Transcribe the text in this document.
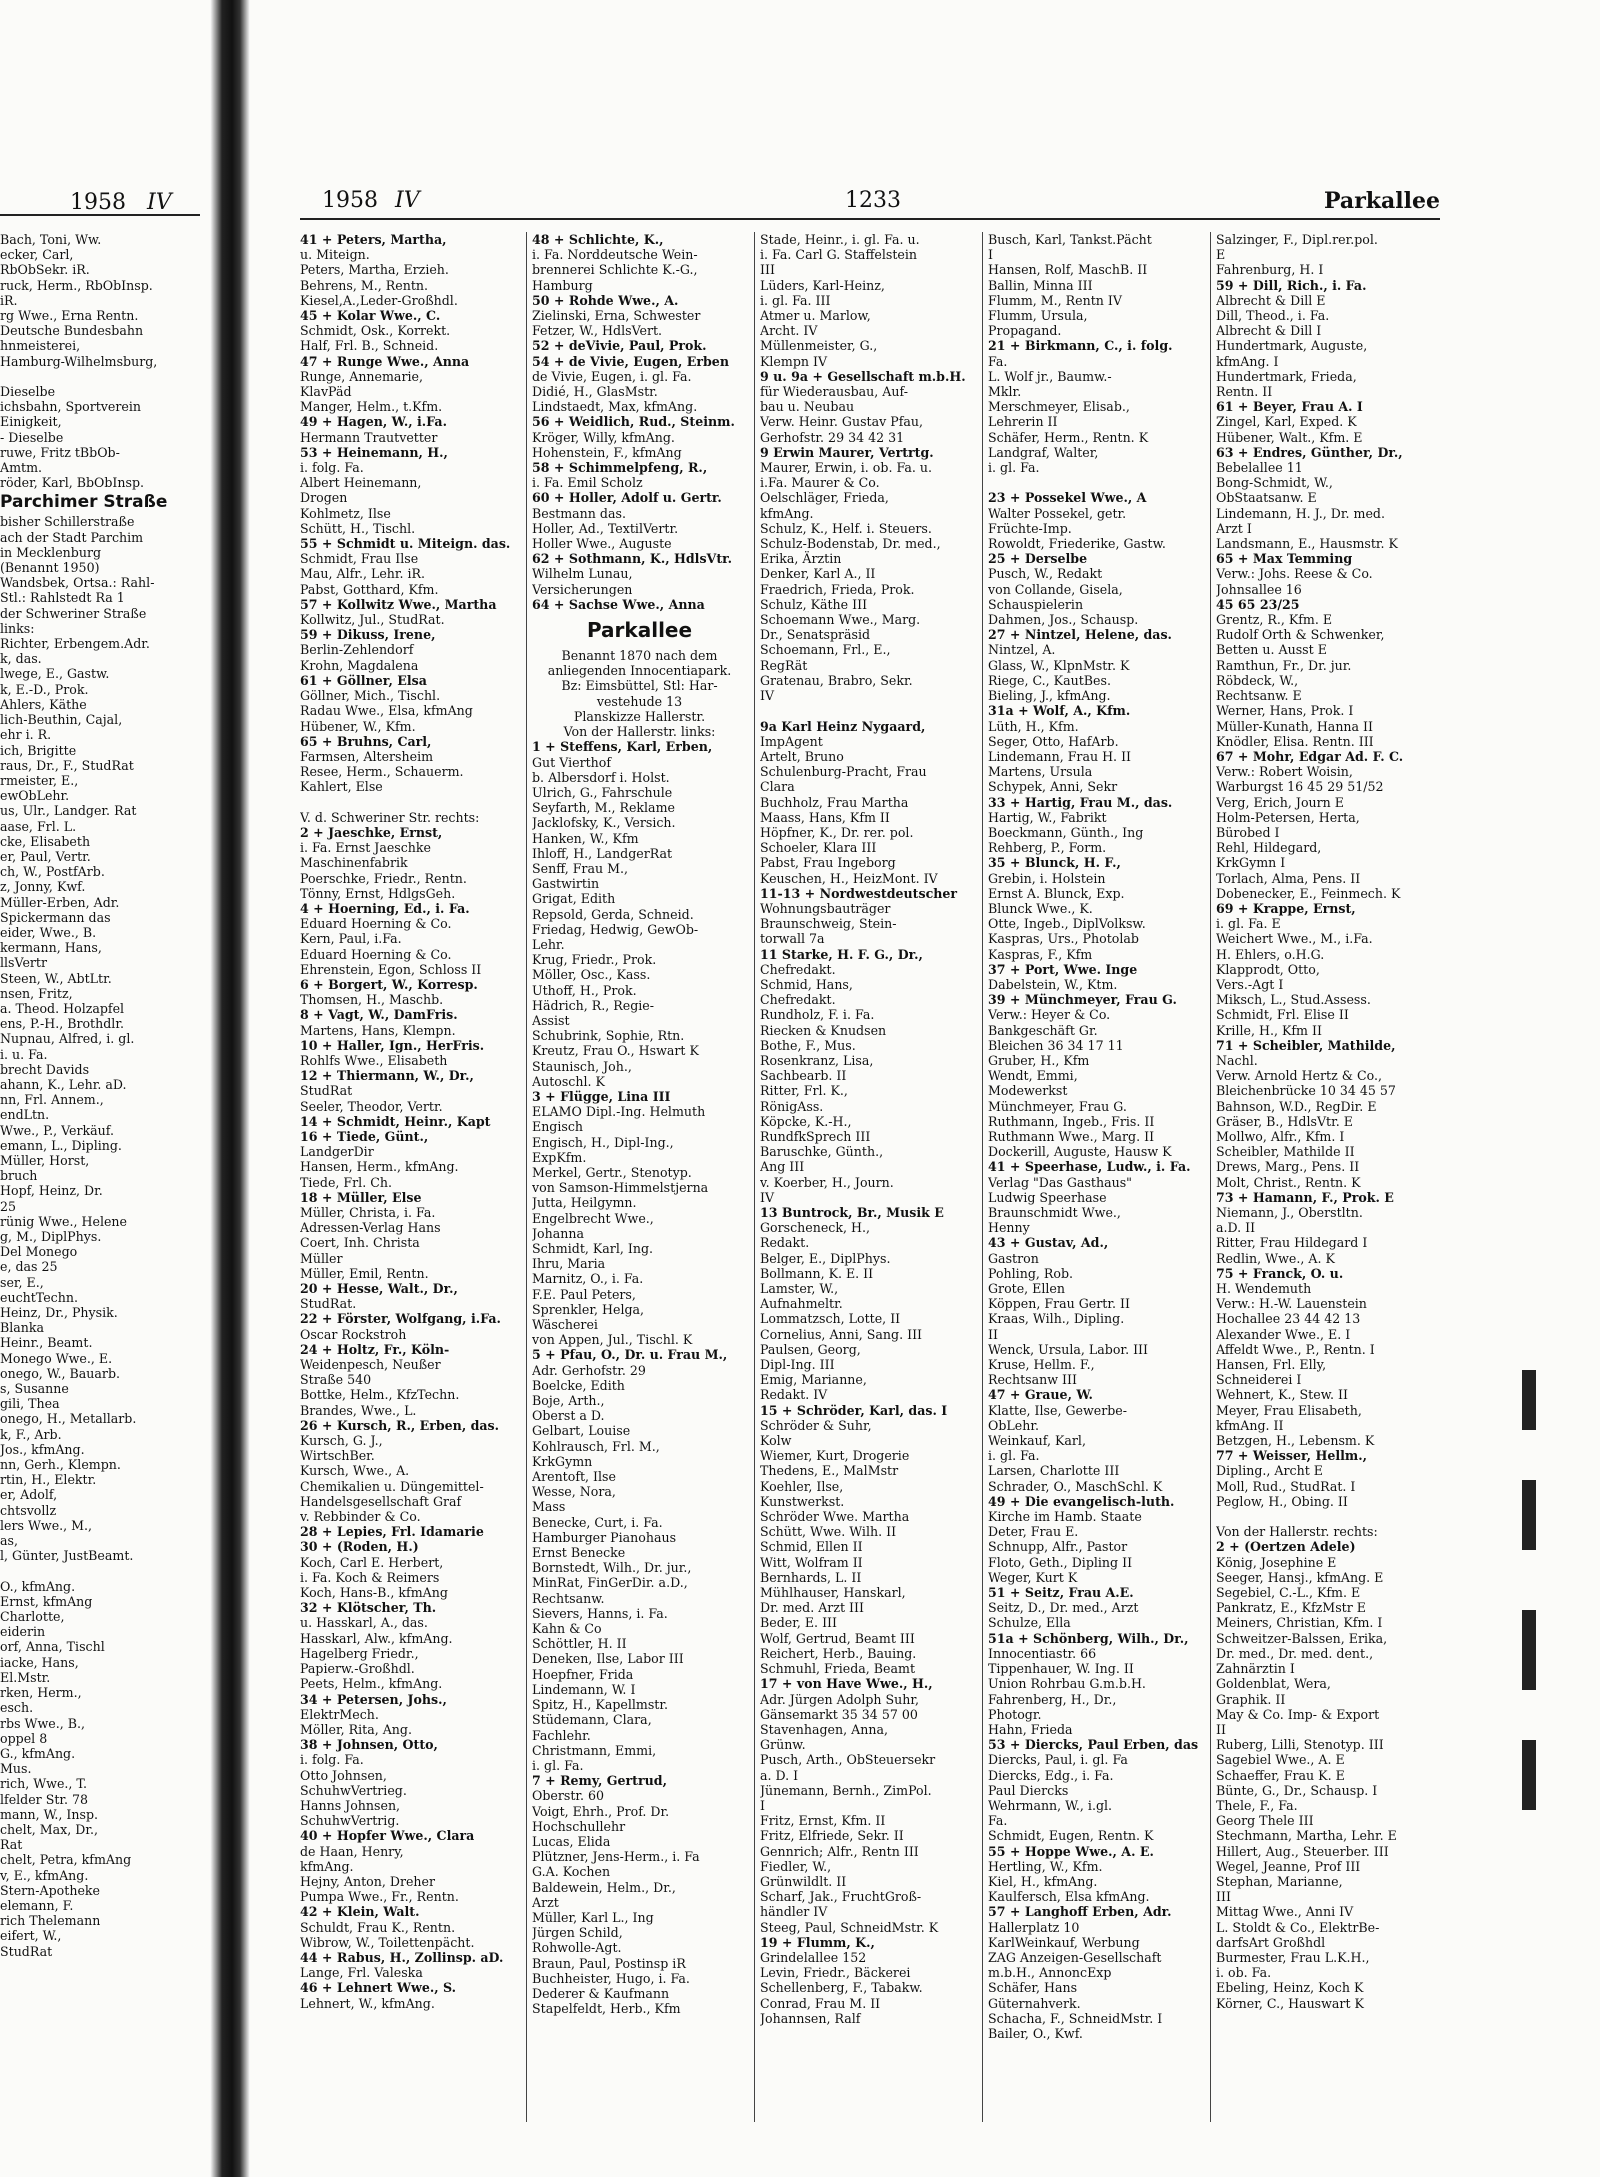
1958 IV
Bach, Toni, Ww.
ecker, Carl,
RbObSekr. iR.
ruck, Herm., RbObInsp.
iR.
rg Wwe., Erna Rentn.
Deutsche Bundesbahn
hnmeisterei,
Hamburg-Wilhelmsburg,

Dieselbe
ichsbahn, Sportverein
Einigkeit,
- Dieselbe
ruwe, Fritz tBbOb-
Amtm.
röder, Karl, BbObInsp.
Parchimer Straße
bisher Schillerstraße
ach der Stadt Parchim
in Mecklenburg
(Benannt 1950)
Wandsbek, Ortsa.: Rahl-
Stl.: Rahlstedt Ra 1
der Schweriner Straße
links:
Richter, Erbengem.Adr.
k, das.
lwege, E., Gastw.
k, E.-D., Prok.
Ahlers, Käthe
lich-Beuthin, Cajal,
ehr i. R.
ich, Brigitte
raus, Dr., F., StudRat
rmeister, E.,
ewObLehr.
us, Ulr., Landger. Rat
aase, Frl. L.
cke, Elisabeth
er, Paul, Vertr.
ch, W., PostfArb.
z, Jonny, Kwf.
Müller-Erben, Adr.
Spickermann das
eider, Wwe., B.
kermann, Hans,
llsVertr
Steen, W., AbtLtr.
nsen, Fritz,
a. Theod. Holzapfel
ens, P.-H., Brothdlr.
Nupnau, Alfred, i. gl.
i. u. Fa.
brecht Davids
ahann, K., Lehr. aD.
nn, Frl. Annem.,
endLtn.
Wwe., P., Verkäuf.
emann, L., Dipling.
Müller, Horst,
bruch
Hopf, Heinz, Dr.
25
rünig Wwe., Helene
g, M., DiplPhys.
Del Monego
e, das 25
ser, E.,
euchtTechn.
Heinz, Dr., Physik.
Blanka
Heinr., Beamt.
Monego Wwe., E.
onego, W., Bauarb.
s, Susanne
gili, Thea
onego, H., Metallarb.
k, F., Arb.
Jos., kfmAng.
nn, Gerh., Klempn.
rtin, H., Elektr.
er, Adolf,
chtsvollz
lers Wwe., M.,
as,
l, Günter, JustBeamt.

O., kfmAng.
Ernst, kfmAng
Charlotte,
eiderin
orf, Anna, Tischl
iacke, Hans,
El.Mstr.
rken, Herm.,
esch.
rbs Wwe., B.,
oppel 8
G., kfmAng.
Mus.
rich, Wwe., T.
lfelder Str. 78
mann, W., Insp.
chelt, Max, Dr.,
Rat
chelt, Petra, kfmAng
v, E., kfmAng.
Stern-Apotheke
elemann, F.
rich Thelemann
eifert, W.,
StudRat
1958 IV	1233	Parkallee
41 + Peters, Martha,
u. Miteign.
Peters, Martha, Erzieh.
Behrens, M., Rentn.
Kiesel,A.,Leder-Großhdl.
45 + Kolar Wwe., C.
Schmidt, Osk., Korrekt.
Half, Frl. B., Schneid.
47 + Runge Wwe., Anna
Runge, Annemarie,
KlavPäd
Manger, Helm., t.Kfm.
49 + Hagen, W., i.Fa.
Hermann Trautvetter
53 + Heinemann, H.,
i. folg. Fa.
Albert Heinemann,
Drogen
Kohlmetz, Ilse
Schütt, H., Tischl.
55 + Schmidt u. Miteign. das.
Schmidt, Frau Ilse
Mau, Alfr., Lehr. iR.
Pabst, Gotthard, Kfm.
57 + Kollwitz Wwe., Martha
Kollwitz, Jul., StudRat.
59 + Dikuss, Irene,
Berlin-Zehlendorf
Krohn, Magdalena
61 + Göllner, Elsa
Göllner, Mich., Tischl.
Radau Wwe., Elsa, kfmAng
Hübener, W., Kfm.
65 + Bruhns, Carl,
Farmsen, Altersheim
Resee, Herm., Schauerm.
Kahlert, Else

V. d. Schweriner Str. rechts:
2 + Jaeschke, Ernst,
i. Fa. Ernst Jaeschke
Maschinenfabrik
Poerschke, Friedr., Rentn.
Tönny, Ernst, HdlgsGeh.
4 + Hoerning, Ed., i. Fa.
Eduard Hoerning & Co.
Kern, Paul, i.Fa.
Eduard Hoerning & Co.
Ehrenstein, Egon, Schloss II
6 + Borgert, W., Korresp.
Thomsen, H., Maschb.
8 + Vagt, W., DamFris.
Martens, Hans, Klempn.
10 + Haller, Ign., HerFris.
Rohlfs Wwe., Elisabeth
12 + Thiermann, W., Dr.,
StudRat
Seeler, Theodor, Vertr.
14 + Schmidt, Heinr., Kapt
16 + Tiede, Günt.,
LandgerDir
Hansen, Herm., kfmAng.
Tiede, Frl. Ch.
18 + Müller, Else
Müller, Christa, i. Fa.
Adressen-Verlag Hans
Coert, Inh. Christa
Müller
Müller, Emil, Rentn.
20 + Hesse, Walt., Dr.,
StudRat.
22 + Förster, Wolfgang, i.Fa.
Oscar Rockstroh
24 + Holtz, Fr., Köln-
Weidenpesch, Neußer
Straße 540
Bottke, Helm., KfzTechn.
Brandes, Wwe., L.
26 + Kursch, R., Erben, das.
Kursch, G. J.,
WirtschBer.
Kursch, Wwe., A.
Chemikalien u. Düngemittel-
Handelsgesellschaft Graf
v. Rebbinder & Co.
28 + Lepies, Frl. Idamarie
30 + (Roden, H.)
Koch, Carl E. Herbert,
i. Fa. Koch & Reimers
Koch, Hans-B., kfmAng
32 + Klötscher, Th.
u. Hasskarl, A., das.
Hasskarl, Alw., kfmAng.
Hagelberg Friedr.,
Papierw.-Großhdl.
Peets, Helm., kfmAng.
34 + Petersen, Johs.,
ElektrMech.
Möller, Rita, Ang.
38 + Johnsen, Otto,
i. folg. Fa.
Otto Johnsen,
SchuhwVertrieg.
Hanns Johnsen,
SchuhwVertrig.
40 + Hopfer Wwe., Clara
de Haan, Henry,
kfmAng.
Hejny, Anton, Dreher
Pumpa Wwe., Fr., Rentn.
42 + Klein, Walt.
Schuldt, Frau K., Rentn.
Wibrow, W., Toilettenpächt.
44 + Rabus, H., Zollinsp. aD.
Lange, Frl. Valeska
46 + Lehnert Wwe., S.
Lehnert, W., kfmAng.
48 + Schlichte, K.,
i. Fa. Norddeutsche Wein-
brennerei Schlichte K.-G.,
Hamburg
50 + Rohde Wwe., A.
Zielinski, Erna, Schwester
Fetzer, W., HdlsVert.
52 + deVivie, Paul, Prok.
54 + de Vivie, Eugen, Erben
de Vivie, Eugen, i. gl. Fa.
Didié, H., GlasMstr.
Lindstaedt, Max, kfmAng.
56 + Weidlich, Rud., Steinm.
Kröger, Willy, kfmAng.
Hohenstein, F., kfmAng
58 + Schimmelpfeng, R.,
i. Fa. Emil Scholz
60 + Holler, Adolf u. Gertr.
Bestmann das.
Holler, Ad., TextilVertr.
Holler Wwe., Auguste
62 + Sothmann, K., HdlsVtr.
Wilhelm Lunau,
Versicherungen
64 + Sachse Wwe., Anna
Parkallee
Benannt 1870 nach dem
anliegenden Innocentiapark.
Bz: Eimsbüttel, Stl: Har-
vestehude 13
Planskizze Hallerstr.
Von der Hallerstr. links:
1 + Steffens, Karl, Erben,
Gut Vierthof
b. Albersdorf i. Holst.
Ulrich, G., Fahrschule
Seyfarth, M., Reklame
Jacklofsky, K., Versich.
Hanken, W., Kfm
Ihloff, H., LandgerRat
Senff, Frau M.,
Gastwirtin
Grigat, Edith
Repsold, Gerda, Schneid.
Friedag, Hedwig, GewOb-
Lehr.
Krug, Friedr., Prok.
Möller, Osc., Kass.
Uthoff, H., Prok.
Hädrich, R., Regie-
Assist
Schubrink, Sophie, Rtn.
Kreutz, Frau O., Hswart K
Staunisch, Joh.,
Autoschl. K
3 + Flügge, Lina III
ELAMO Dipl.-Ing. Helmuth
Engisch
Engisch, H., Dipl-Ing.,
ExpKfm.
Merkel, Gertr., Stenotyp.
von Samson-Himmelstjerna
Jutta, Heilgymn.
Engelbrecht Wwe.,
Johanna
Schmidt, Karl, Ing.
Ihru, Maria
Marnitz, O., i. Fa.
F.E. Paul Peters,
Sprenkler, Helga,
Wäscherei
von Appen, Jul., Tischl. K
5 + Pfau, O., Dr. u. Frau M.,
Adr. Gerhofstr. 29
Boelcke, Edith
Boje, Arth.,
Oberst a D.
Gelbart, Louise
Kohlrausch, Frl. M.,
KrkGymn
Arentoft, Ilse
Wesse, Nora,
Mass
Benecke, Curt, i. Fa.
Hamburger Pianohaus
Ernst Benecke
Bornstedt, Wilh., Dr. jur.,
MinRat, FinGerDir. a.D.,
Rechtsanw.
Sievers, Hanns, i. Fa.
Kahn & Co
Schöttler, H. II
Deneken, Ilse, Labor III
Hoepfner, Frida
Lindemann, W. I
Spitz, H., Kapellmstr.
Stüdemann, Clara,
Fachlehr.
Christmann, Emmi,
i. gl. Fa.
7 + Remy, Gertrud,
Oberstr. 60
Voigt, Ehrh., Prof. Dr.
Hochschullehr
Lucas, Elida
Plützner, Jens-Herm., i. Fa
G.A. Kochen
Baldewein, Helm., Dr.,
Arzt
Müller, Karl L., Ing
Jürgen Schild,
Rohwolle-Agt.
Braun, Paul, Postinsp iR
Buchheister, Hugo, i. Fa.
Dederer & Kaufmann
Stapelfeldt, Herb., Kfm
Stade, Heinr., i. gl. Fa. u.
i. Fa. Carl G. Staffelstein
III
Lüders, Karl-Heinz,
i. gl. Fa. III
Atmer u. Marlow,
Archt. IV
Müllenmeister, G.,
Klempn IV
9 u. 9a + Gesellschaft m.b.H.
für Wiederausbau, Auf-
bau u. Neubau
Verw. Heinr. Gustav Pfau,
Gerhofstr. 29 34 42 31
9 Erwin Maurer, Vertrtg.
Maurer, Erwin, i. ob. Fa. u.
i.Fa. Maurer & Co.
Oelschläger, Frieda,
kfmAng.
Schulz, K., Helf. i. Steuers.
Schulz-Bodenstab, Dr. med.,
Erika, Ärztin
Denker, Karl A., II
Fraedrich, Frieda, Prok.
Schulz, Käthe III
Schoemann Wwe., Marg.
Dr., Senatspräsid
Schoemann, Frl., E.,
RegRät
Gratenau, Brabro, Sekr.
IV

9a Karl Heinz Nygaard,
ImpAgent
Artelt, Bruno
Schulenburg-Pracht, Frau
Clara
Buchholz, Frau Martha
Maass, Hans, Kfm II
Höpfner, K., Dr. rer. pol.
Schoeler, Klara III
Pabst, Frau Ingeborg
Keuschen, H., HeizMont. IV
11-13 + Nordwestdeutscher
Wohnungsbauträger
Braunschweig, Stein-
torwall 7a
11 Starke, H. F. G., Dr.,
Chefredakt.
Schmid, Hans,
Chefredakt.
Rundholz, F. i. Fa.
Riecken & Knudsen
Bothe, F., Mus.
Rosenkranz, Lisa,
Sachbearb. II
Ritter, Frl. K.,
RönigAss.
Köpcke, K.-H.,
RundfkSprech III
Baruschke, Günth.,
Ang III
v. Koerber, H., Journ.
IV
13 Buntrock, Br., Musik E
Gorscheneck, H.,
Redakt.
Belger, E., DiplPhys.
Bollmann, K. E. II
Lamster, W.,
Aufnahmeltr.
Lommatzsch, Lotte, II
Cornelius, Anni, Sang. III
Paulsen, Georg,
Dipl-Ing. III
Emig, Marianne,
Redakt. IV
15 + Schröder, Karl, das. I
Schröder & Suhr,
Kolw
Wiemer, Kurt, Drogerie
Thedens, E., MalMstr
Koehler, Ilse,
Kunstwerkst.
Schröder Wwe. Martha
Schütt, Wwe. Wilh. II
Schmid, Ellen II
Witt, Wolfram II
Bernhards, L. II
Mühlhauser, Hanskarl,
Dr. med. Arzt III
Beder, E. III
Wolf, Gertrud, Beamt III
Reichert, Herb., Bauing.
Schmuhl, Frieda, Beamt
17 + von Have Wwe., H.,
Adr. Jürgen Adolph Suhr,
Gänsemarkt 35 34 57 00
Stavenhagen, Anna,
Grünw.
Pusch, Arth., ObSteuersekr
a. D. I
Jünemann, Bernh., ZimPol.
I
Fritz, Ernst, Kfm. II
Fritz, Elfriede, Sekr. II
Gennrich; Alfr., Rentn III
Fiedler, W.,
Grünwildlt. II
Scharf, Jak., FruchtGroß-
händler IV
Steeg, Paul, SchneidMstr. K
19 + Flumm, K.,
Grindelallee 152
Levin, Friedr., Bäckerei
Schellenberg, F., Tabakw.
Conrad, Frau M. II
Johannsen, Ralf
Busch, Karl, Tankst.Pächt
I
Hansen, Rolf, MaschB. II
Ballin, Minna III
Flumm, M., Rentn IV
Flumm, Ursula,
Propagand.
21 + Birkmann, C., i. folg.
Fa.
L. Wolf jr., Baumw.-
Mklr.
Merschmeyer, Elisab.,
Lehrerin II
Schäfer, Herm., Rentn. K
Landgraf, Walter,
i. gl. Fa.

23 + Possekel Wwe., A
Walter Possekel, getr.
Früchte-Imp.
Rowoldt, Friederike, Gastw.
25 + Derselbe
Pusch, W., Redakt
von Collande, Gisela,
Schauspielerin
Dahmen, Jos., Schausp.
27 + Nintzel, Helene, das.
Nintzel, A.
Glass, W., KlpnMstr. K
Riege, C., KautBes.
Bieling, J., kfmAng.
31a + Wolf, A., Kfm.
Lüth, H., Kfm.
Seger, Otto, HafArb.
Lindemann, Frau H. II
Martens, Ursula
Schypek, Anni, Sekr
33 + Hartig, Frau M., das.
Hartig, W., Fabrikt
Boeckmann, Günth., Ing
Rehberg, P., Form.
35 + Blunck, H. F.,
Grebin, i. Holstein
Ernst A. Blunck, Exp.
Blunck Wwe., K.
Otte, Ingeb., DiplVolksw.
Kaspras, Urs., Photolab
Kaspras, F., Kfm
37 + Port, Wwe. Inge
Dabelstein, W., Ktm.
39 + Münchmeyer, Frau G.
Verw.: Heyer & Co.
Bankgeschäft Gr.
Bleichen 36 34 17 11
Gruber, H., Kfm
Wendt, Emmi,
Modewerkst
Münchmeyer, Frau G.
Ruthmann, Ingeb., Fris. II
Ruthmann Wwe., Marg. II
Dockerill, Auguste, Hausw K
41 + Speerhase, Ludw., i. Fa.
Verlag "Das Gasthaus"
Ludwig Speerhase
Braunschmidt Wwe.,
Henny
43 + Gustav, Ad.,
Gastron
Pohling, Rob.
Grote, Ellen
Köppen, Frau Gertr. II
Kraas, Wilh., Dipling.
II
Wenck, Ursula, Labor. III
Kruse, Hellm. F.,
Rechtsanw III
47 + Graue, W.
Klatte, Ilse, Gewerbe-
ObLehr.
Weinkauf, Karl,
i. gl. Fa.
Larsen, Charlotte III
Schrader, O., MaschSchl. K
49 + Die evangelisch-luth.
Kirche im Hamb. Staate
Deter, Frau E.
Schnupp, Alfr., Pastor
Floto, Geth., Dipling II
Weger, Kurt K
51 + Seitz, Frau A.E.
Seitz, D., Dr. med., Arzt
Schulze, Ella
51a + Schönberg, Wilh., Dr.,
Innocentiastr. 66
Tippenhauer, W. Ing. II
Union Rohrbau G.m.b.H.
Fahrenberg, H., Dr.,
Photogr.
Hahn, Frieda
53 + Diercks, Paul Erben, das
Diercks, Paul, i. gl. Fa
Diercks, Edg., i. Fa.
Paul Diercks
Wehrmann, W., i.gl.
Fa.
Schmidt, Eugen, Rentn. K
55 + Hoppe Wwe., A. E.
Hertling, W., Kfm.
Kiel, H., kfmAng.
Kaulfersch, Elsa kfmAng.
57 + Langhoff Erben, Adr.
Hallerplatz 10
KarlWeinkauf, Werbung
ZAG Anzeigen-Gesellschaft
m.b.H., AnnoncExp
Schäfer, Hans
Güternahverk.
Schacha, F., SchneidMstr. I
Bailer, O., Kwf.
Salzinger, F., Dipl.rer.pol.
E
Fahrenburg, H. I
59 + Dill, Rich., i. Fa.
Albrecht & Dill E
Dill, Theod., i. Fa.
Albrecht & Dill I
Hundertmark, Auguste,
kfmAng. I
Hundertmark, Frieda,
Rentn. II
61 + Beyer, Frau A. I
Zingel, Karl, Exped. K
Hübener, Walt., Kfm. E
63 + Endres, Günther, Dr.,
Bebelallee 11
Bong-Schmidt, W.,
ObStaatsanw. E
Lindemann, H. J., Dr. med.
Arzt I
Landsmann, E., Hausmstr. K
65 + Max Temming
Verw.: Johs. Reese & Co.
Johnsallee 16
45 65 23/25
Grentz, R., Kfm. E
Rudolf Orth & Schwenker,
Betten u. Ausst E
Ramthun, Fr., Dr. jur.
Röbdeck, W.,
Rechtsanw. E
Werner, Hans, Prok. I
Müller-Kunath, Hanna II
Knödler, Elisa. Rentn. III
67 + Mohr, Edgar Ad. F. C.
Verw.: Robert Woisin,
Warburgst 16 45 29 51/52
Verg, Erich, Journ E
Holm-Petersen, Herta,
Bürobed I
Rehl, Hildegard,
KrkGymn I
Torlach, Alma, Pens. II
Dobenecker, E., Feinmech. K
69 + Krappe, Ernst,
i. gl. Fa. E
Weichert Wwe., M., i.Fa.
H. Ehlers, o.H.G.
Klapprodt, Otto,
Vers.-Agt I
Miksch, L., Stud.Assess.
Schmidt, Frl. Elise II
Krille, H., Kfm II
71 + Scheibler, Mathilde,
Nachl.
Verw. Arnold Hertz & Co.,
Bleichenbrücke 10 34 45 57
Bahnson, W.D., RegDir. E
Gräser, B., HdlsVtr. E
Mollwo, Alfr., Kfm. I
Scheibler, Mathilde II
Drews, Marg., Pens. II
Molt, Christ., Rentn. K
73 + Hamann, F., Prok. E
Niemann, J., Oberstltn.
a.D. II
Ritter, Frau Hildegard I
Redlin, Wwe., A. K
75 + Franck, O. u.
H. Wendemuth
Verw.: H.-W. Lauenstein
Hochallee 23 44 42 13
Alexander Wwe., E. I
Affeldt Wwe., P., Rentn. I
Hansen, Frl. Elly,
Schneiderei I
Wehnert, K., Stew. II
Meyer, Frau Elisabeth,
kfmAng. II
Betzgen, H., Lebensm. K
77 + Weisser, Hellm.,
Dipling., Archt E
Moll, Rud., StudRat. I
Peglow, H., Obing. II

Von der Hallerstr. rechts:
2 + (Oertzen Adele)
König, Josephine E
Seeger, Hansj., kfmAng. E
Segebiel, C.-L., Kfm. E
Pankratz, E., KfzMstr E
Meiners, Christian, Kfm. I
Schweitzer-Balssen, Erika,
Dr. med., Dr. med. dent.,
Zahnärztin I
Goldenblat, Wera,
Graphik. II
May & Co. Imp- & Export
II
Ruberg, Lilli, Stenotyp. III
Sagebiel Wwe., A. E
Schaeffer, Frau K. E
Bünte, G., Dr., Schausp. I
Thele, F., Fa.
Georg Thele III
Stechmann, Martha, Lehr. E
Hillert, Aug., Steuerber. III
Wegel, Jeanne, Prof III
Stephan, Marianne,
III
Mittag Wwe., Anni IV
L. Stoldt & Co., ElektrBe-
darfsArt Großhdl
Burmester, Frau L.K.H.,
i. ob. Fa.
Ebeling, Heinz, Koch K
Körner, C., Hauswart K
